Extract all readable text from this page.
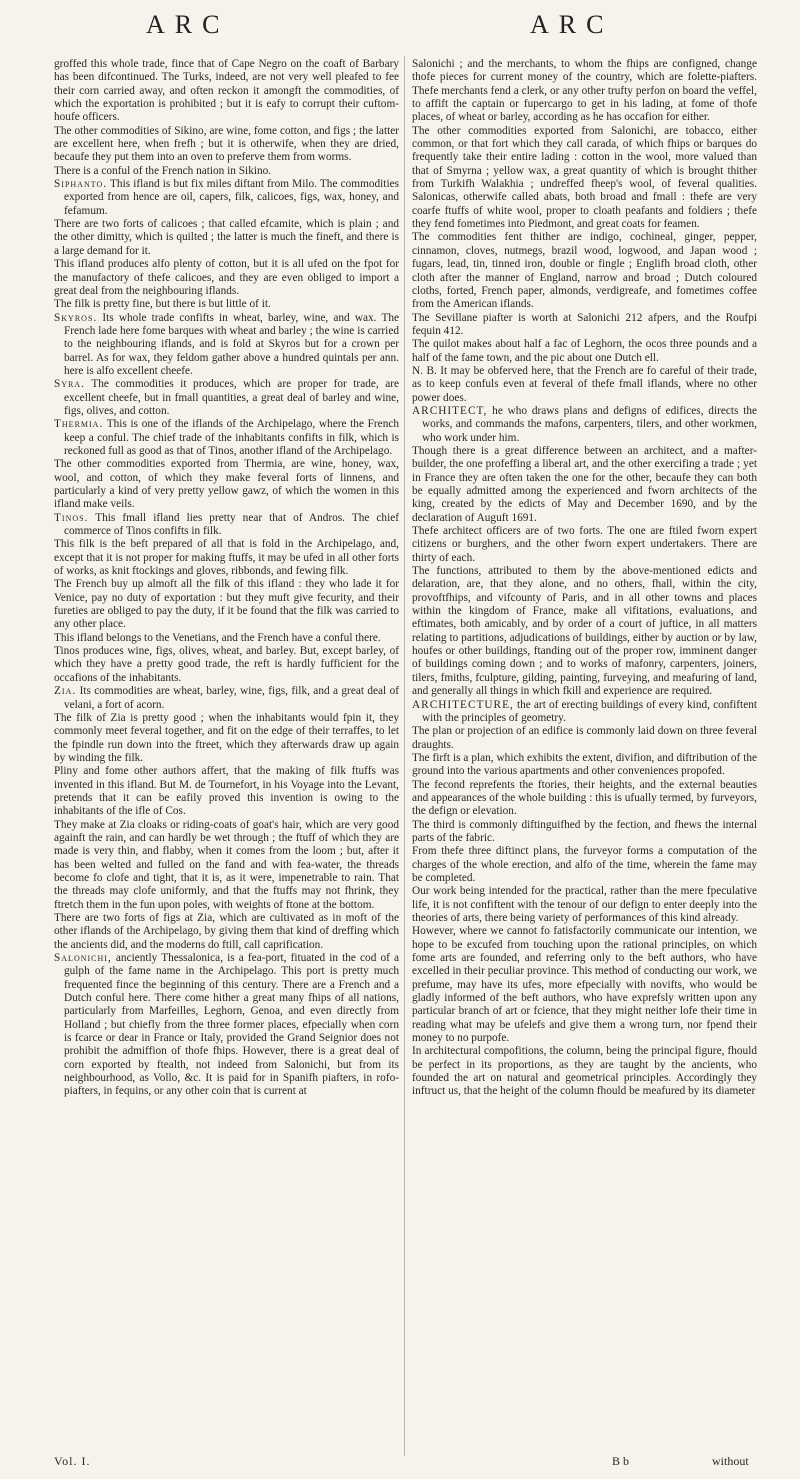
ARC	ARC

groffed this whole trade, fince that of Cape Negro on the coaft of Barbary has been difcontinued. The Turks, indeed, are not very well pleafed to fee their corn carried away, and often reckon it amongft the commodities, of which the exportation is prohibited ; but it is eafy to corrupt their cuftom-houfe officers.

The other commodities of Sikino, are wine, fome cotton, and figs ; the latter are excellent here, when frefh ; but it is otherwife, when they are dried, becaufe they put them into an oven to preferve them from worms.

There is a conful of the French nation in Sikino.

Siphanto. This ifland is but fix miles diftant from Milo. The commodities exported from hence are oil, capers, filk, calicoes, figs, wax, honey, and fefamum.

There are two forts of calicoes ; that called efcamite, which is plain ; and the other dimitty, which is quilted ; the latter is much the fineft, and there is a large demand for it.

This ifland produces alfo plenty of cotton, but it is all ufed on the fpot for the manufactory of thefe calicoes, and they are even obliged to import a great deal from the neighbouring iflands.

The filk is pretty fine, but there is but little of it.

Skyros. Its whole trade confifts in wheat, barley, wine, and wax. The French lade here fome barques with wheat and barley ; the wine is carried to the neighbouring iflands, and is fold at Skyros but for a crown per barrel. As for wax, they feldom gather above a hundred quintals per ann. here is alfo excellent cheefe.

Syra. The commodities it produces, which are proper for trade, are excellent cheefe, but in fmall quantities, a great deal of barley and wine, figs, olives, and cotton.

Thermia. This is one of the iflands of the Archipelago, where the French keep a conful. The chief trade of the inhabitants confifts in filk, which is reckoned full as good as that of Tinos, another ifland of the Archipelago.

The other commodities exported from Thermia, are wine, honey, wax, wool, and cotton, of which they make feveral forts of linnens, and particularly a kind of very pretty yellow gawz, of which the women in this ifland make veils.

Tinos. This fmall ifland lies pretty near that of Andros. The chief commerce of Tinos confifts in filk.

This filk is the beft prepared of all that is fold in the Archipelago, and, except that it is not proper for making ftuffs, it may be ufed in all other forts of works, as knit ftockings and gloves, ribbonds, and fewing filk.

The French buy up almoft all the filk of this ifland : they who lade it for Venice, pay no duty of exportation : but they muft give fecurity, and their fureties are obliged to pay the duty, if it be found that the filk was carried to any other place.

This ifland belongs to the Venetians, and the French have a conful there.

Tinos produces wine, figs, olives, wheat, and barley. But, except barley, of which they have a pretty good trade, the reft is hardly fufficient for the occafions of the inhabitants.

Zia. Its commodities are wheat, barley, wine, figs, filk, and a great deal of velani, a fort of acorn.

The filk of Zia is pretty good ; when the inhabitants would fpin it, they commonly meet feveral together, and fit on the edge of their terraffes, to let the fpindle run down into the ftreet, which they afterwards draw up again by winding the filk.

Pliny and fome other authors affert, that the making of filk ftuffs was invented in this ifland. But M. de Tournefort, in his Voyage into the Levant, pretends that it can be eafily proved this invention is owing to the inhabitants of the ifle of Cos.

They make at Zia cloaks or riding-coats of goat's hair, which are very good againft the rain, and can hardly be wet through ; the ftuff of which they are made is very thin, and flabby, when it comes from the loom ; but, after it has been welted and fulled on the fand and with fea-water, the threads become fo clofe and tight, that it is, as it were, impenetrable to rain. That the threads may clofe uniformly, and that the ftuffs may not fhrink, they ftretch them in the fun upon poles, with weights of ftone at the bottom.

There are two forts of figs at Zia, which are cultivated as in moft of the other iflands of the Archipelago, by giving them that kind of dreffing which the ancients did, and the moderns do ftill, call caprification.

Salonichi, anciently Thessalonica, is a fea-port, fituated in the cod of a gulph of the fame name in the Archipelago. This port is pretty much frequented fince the beginning of this century. There are a French and a Dutch conful here. There come hither a great many fhips of all nations, particularly from Marfeilles, Leghorn, Genoa, and even directly from Holland ; but chiefly from the three former places, efpecially when corn is fcarce or dear in France or Italy, provided the Grand Seignior does not prohibit the admiffion of thofe fhips. However, there is a great deal of corn exported by ftealth, not indeed from Salonichi, but from its neighbourhood, as Vollo, &c. It is paid for in Spanifh piafters, in rofo-piafters, in fequins, or any other coin that is current at

Salonichi ; and the merchants, to whom the fhips are configned, change thofe pieces for current money of the country, which are folette-piafters. Thefe merchants fend a clerk, or any other trufty perfon on board the veffel, to affift the captain or fupercargo to get in his lading, at fome of thofe places, of wheat or barley, according as he has occafion for either.

The other commodities exported from Salonichi, are tobacco, either common, or that fort which they call carada, of which fhips or barques do frequently take their entire lading : cotton in the wool, more valued than that of Smyrna ; yellow wax, a great quantity of which is brought thither from Turkifh Walakhia ; undreffed fheep's wool, of feveral qualities. Salonicas, otherwife called abats, both broad and fmall : thefe are very coarfe ftuffs of white wool, proper to cloath peafants and foldiers ; thefe they fend fometimes into Piedmont, and great coats for feamen.

The commodities fent thither are indigo, cochineal, ginger, pepper, cinnamon, cloves, nutmegs, brazil wood, logwood, and Japan wood ; fugars, lead, tin, tinned iron, double or fingle ; Englifh broad cloth, other cloth after the manner of England, narrow and broad ; Dutch coloured cloths, forted, French paper, almonds, verdigreafe, and fometimes coffee from the American iflands.

The Sevillane piafter is worth at Salonichi 212 afpers, and the Roufpi fequin 412.

The quilot makes about half a fac of Leghorn, the ocos three pounds and a half of the fame town, and the pic about one Dutch ell.

N. B. It may be obferved here, that the French are fo careful of their trade, as to keep confuls even at feveral of thefe fmall iflands, where no other power does.

ARCHITECT, he who draws plans and defigns of edifices, directs the works, and commands the mafons, carpenters, tilers, and other workmen, who work under him.

Though there is a great difference between an architect, and a mafter-builder, the one profeffing a liberal art, and the other exercifing a trade ; yet in France they are often taken the one for the other, becaufe they can both be equally admitted among the experienced and fworn architects of the king, created by the edicts of May and December 1690, and by the declaration of Auguft 1691.

Thefe architect officers are of two forts. The one are ftiled fworn expert citizens or burghers, and the other fworn expert undertakers. There are thirty of each.

The functions, attributed to them by the above-mentioned edicts and delaration, are, that they alone, and no others, fhall, within the city, provoftfhips, and vifcounty of Paris, and in all other towns and places within the kingdom of France, make all vifitations, evaluations, and eftimates, both amicably, and by order of a court of juftice, in all matters relating to partitions, adjudications of buildings, either by auction or by law, houfes or other buildings, ftanding out of the proper row, imminent danger of buildings coming down ; and to works of mafonry, carpenters, joiners, tilers, fmiths, fculpture, gilding, painting, furveying, and meafuring of land, and generally all things in which fkill and experience are required.

ARCHITECTURE, the art of erecting buildings of every kind, confiftent with the principles of geometry.

The plan or projection of an edifice is commonly laid down on three feveral draughts.

The firft is a plan, which exhibits the extent, divifion, and diftribution of the ground into the various apartments and other conveniences propofed.

The fecond reprefents the ftories, their heights, and the external beauties and appearances of the whole building : this is ufually termed, by furveyors, the defign or elevation.

The third is commonly diftinguifhed by the fection, and fhews the internal parts of the fabric.

From thefe three diftinct plans, the furveyor forms a computation of the charges of the whole erection, and alfo of the time, wherein the fame may be completed.

Our work being intended for the practical, rather than the mere fpeculative life, it is not confiftent with the tenour of our defign to enter deeply into the theories of arts, there being variety of performances of this kind already.

However, where we cannot fo fatisfactorily communicate our intention, we hope to be excufed from touching upon the rational principles, on which fome arts are founded, and referring only to the beft authors, who have excelled in their peculiar province. This method of conducting our work, we prefume, may have its ufes, more efpecially with novifts, who would be gladly informed of the beft authors, who have exprefsly written upon any particular branch of art or fcience, that they might neither lofe their time in reading what may be ufelefs and give them a wrong turn, nor fpend their money to no purpofe.

In architectural compofitions, the column, being the principal figure, fhould be perfect in its proportions, as they are taught by the ancients, who founded the art on natural and geometrical principles. Accordingly they inftruct us, that the height of the column fhould be meafured by its diameter

Vol. I.	B b	without
